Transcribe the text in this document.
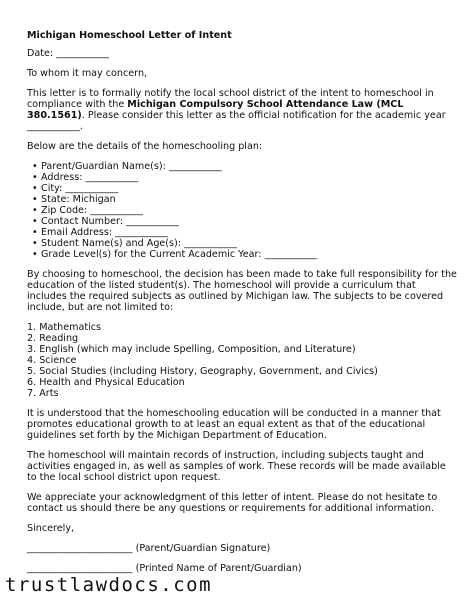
Michigan Homeschool Letter of Intent

Date: ___________

To whom it may concern,

This letter is to formally notify the local school district of the intent to homeschool in compliance with the Michigan Compulsory School Attendance Law (MCL 380.1561). Please consider this letter as the official notification for the academic year ___________.

Below are the details of the homeschooling plan:

• Parent/Guardian Name(s): ___________
• Address: ___________
• City: ___________
• State: Michigan
• Zip Code: ___________
• Contact Number: ___________
• Email Address: ___________
• Student Name(s) and Age(s): ___________
• Grade Level(s) for the Current Academic Year: ___________

By choosing to homeschool, the decision has been made to take full responsibility for the education of the listed student(s). The homeschool will provide a curriculum that includes the required subjects as outlined by Michigan law. The subjects to be covered include, but are not limited to:

1. Mathematics
2. Reading
3. English (which may include Spelling, Composition, and Literature)
4. Science
5. Social Studies (including History, Geography, Government, and Civics)
6. Health and Physical Education
7. Arts

It is understood that the homeschooling education will be conducted in a manner that promotes educational growth to at least an equal extent as that of the educational guidelines set forth by the Michigan Department of Education.

The homeschool will maintain records of instruction, including subjects taught and activities engaged in, as well as samples of work. These records will be made available to the local school district upon request.

We appreciate your acknowledgment of this letter of intent. Please do not hesitate to contact us should there be any questions or requirements for additional information.

Sincerely,

______________________ (Parent/Guardian Signature)

______________________ (Printed Name of Parent/Guardian)

trustlawdocs.com
